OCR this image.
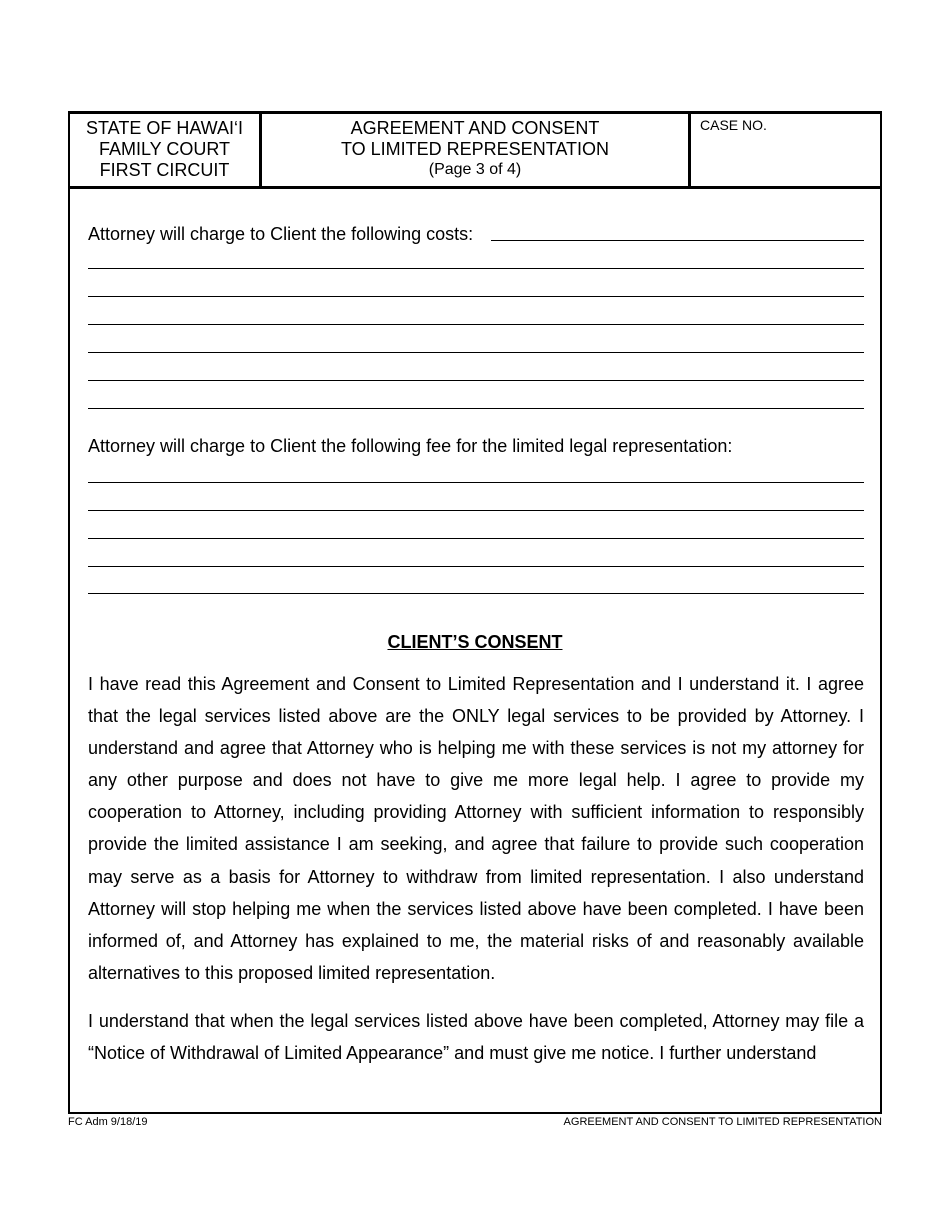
STATE OF HAWAI‘I
FAMILY COURT
FIRST CIRCUIT
AGREEMENT AND CONSENT
TO LIMITED REPRESENTATION
(Page 3 of 4)
CASE NO.
Attorney will charge to Client the following costs:
Attorney will charge to Client the following fee for the limited legal representation:
CLIENT’S CONSENT

I have read this Agreement and Consent to Limited Representation and I understand it. I agree that the legal services listed above are the ONLY legal services to be provided by Attorney. I understand and agree that Attorney who is helping me with these services is not my attorney for any other purpose and does not have to give me more legal help. I agree to provide my cooperation to Attorney, including providing Attorney with sufficient information to responsibly provide the limited assistance I am seeking, and agree that failure to provide such cooperation may serve as a basis for Attorney to withdraw from limited representation. I also understand Attorney will stop helping me when the services listed above have been completed. I have been informed of, and Attorney has explained to me, the material risks of and reasonably available alternatives to this proposed limited representation.

I understand that when the legal services listed above have been completed, Attorney may file a “Notice of Withdrawal of Limited Appearance” and must give me notice. I further understand

FC Adm 9/18/19	AGREEMENT AND CONSENT TO LIMITED REPRESENTATION
